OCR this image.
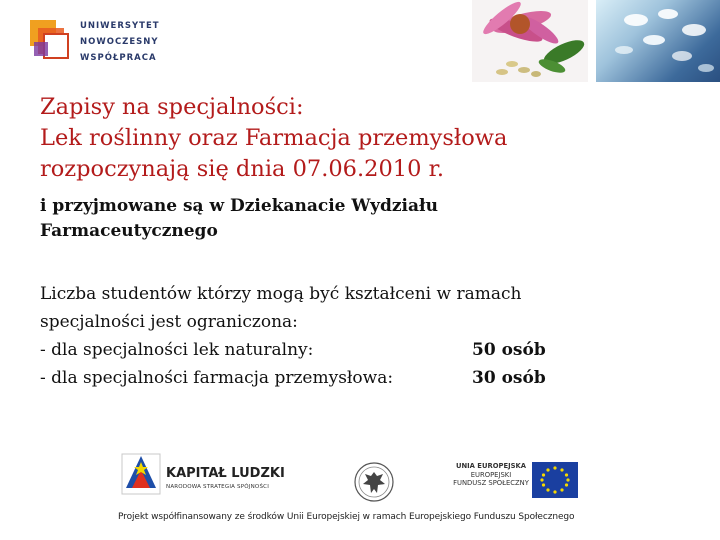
UNIWERSYTET
NOWOCZESNY
WSPÓŁPRACA
Zapisy na specjalności:
Lek roślinny oraz Farmacja przemysłowa
rozpoczynają się dnia 07.06.2010 r.
i przyjmowane są w Dziekanacie Wydziału
Farmaceutycznego
Liczba studentów którzy mogą być kształceni w ramach
specjalności jest ograniczona:
- dla specjalności lek naturalny:	50 osób
- dla specjalności farmacja przemysłowa:	30 osób
KAPITAŁ LUDZKI
NARODOWA STRATEGIA SPÓJNOŚCI
UNIA EUROPEJSKA
EUROPEJSKI
FUNDUSZ SPOŁECZNY
Projekt współfinansowany ze środków Unii Europejskiej w ramach Europejskiego Funduszu Społecznego
